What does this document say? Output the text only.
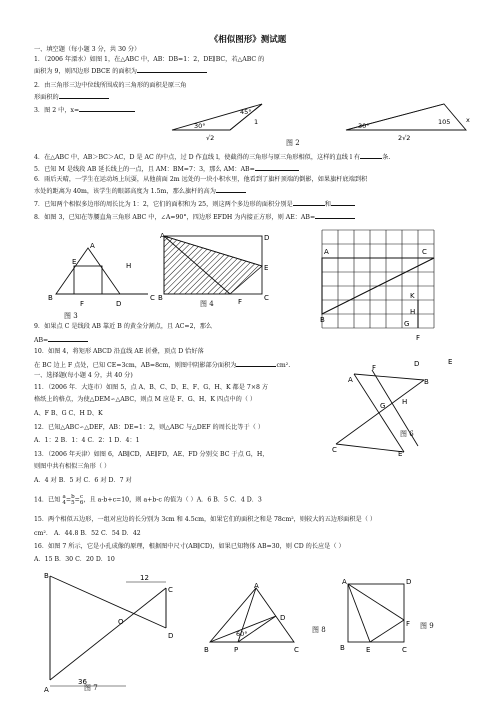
《相似图形》测试题
一、填空题（每小题 3 分，共 30 分）
1．（2006 年溧水）如图 1，在△ABC 中，AB：DB=1：2，DE∥BC，若△ABC 的
面积为 9，则四边形 DBCE 的面积为
2．由三角形三边中位线所围成的三角形的面积是原三角
形面积的
3．图 2 中，x=
30°
45°
√2
1	30°	105 x
2√2
图 2
4．在△ABC 中，AB＞BC＞AC，D 是 AC 的中点，过 D 作直线 l，使截得的三角形与原三角形相似，这样的直线 l 有	条.
5．已知 M 是线段 AB 延长线上的一点，且 AM：BM=7：3，那么 AM：AB=
6．雨后天晴，一学生在运动场上玩耍，从他前面 2m 远处的一块小积水里，他看到了旗杆顶端的倒影，如果旗杆底端到积
水处的距离为 40m，该学生的眼部高度为 1.5m，那么旗杆的高为
7．已知两个相似多边形的周长比为 1：2，它们的面积和为 25，则这两个多边形的面积分别是	和
8．如图 3，已知在等腰直角三角形 ABC 中，∠A=90°，四边形 EFDH 为内接正方形，则 AE：AB=
A
B	C
E	H
F	D
图 3
A	D
E
C
B	F
图 4
A	C
B
K
H
G
F
9．如果点 C 是线段 AB 靠近 B 的黄金分割点，且 AC=2，那么
AB=
10．如图 4，将矩形 ABCD 沿直线 AE 折叠，顶点 D 恰好落
在 BC 边上 F 点处，已知 CE=3cm，AB=8cm，则图中阴影部分面积为	cm².
一、选择题(每小题 4 分，共 40 分)
11．（2006 年．大连市）如图 5，点 A、B、C、D、E、F、G、H、K 都是 7×8 方
格纸上的格点，为使△DEM∽△ABC，则点 M 应是 F、G、H、K 四点中的（ ）
A、F B、G C、H D、K
12．已知△ABC∽△DEF，AB：DE=1：2，则△ABC 与△DEF 的周长比等于（ ）
A．1：2 B．1：4 C．2：1 D．4：1
13．（2006 年天津）如图 6，AB∥CD，AE∥FD，AE、FD 分别交 BC 于点 G，H，
则图中共有相似三角形（ ）
A．4 对 B．5 对 C．6 对 D．7 对
A
F
B
G H
C	E
D	E
图 6
14．已知 a
4=b
5=c
6，且 a-b+c=10，则 a+b-c 的值为（ ）A．6 B．5 C．4 D．3
15．两个相似五边形，一组对应边的长分别为 3cm 和 4.5cm，如果它们的面积之和是 78cm²，则较大的五边形面积是（ ）
cm²． A．44.8 B．52 C．54 D．42
16．如图 7 所示，它是小孔成像的原理，根据图中尺寸(AB∥CD)，如果已知物体 AB=30，则 CD 的长应是（ ）
A．15 B．30 C．20 D．10
B
A
C
D
O
12
36
图 7
A
B	P	C
D
60°	图 8
A	D
F
B	E	C
图 9
